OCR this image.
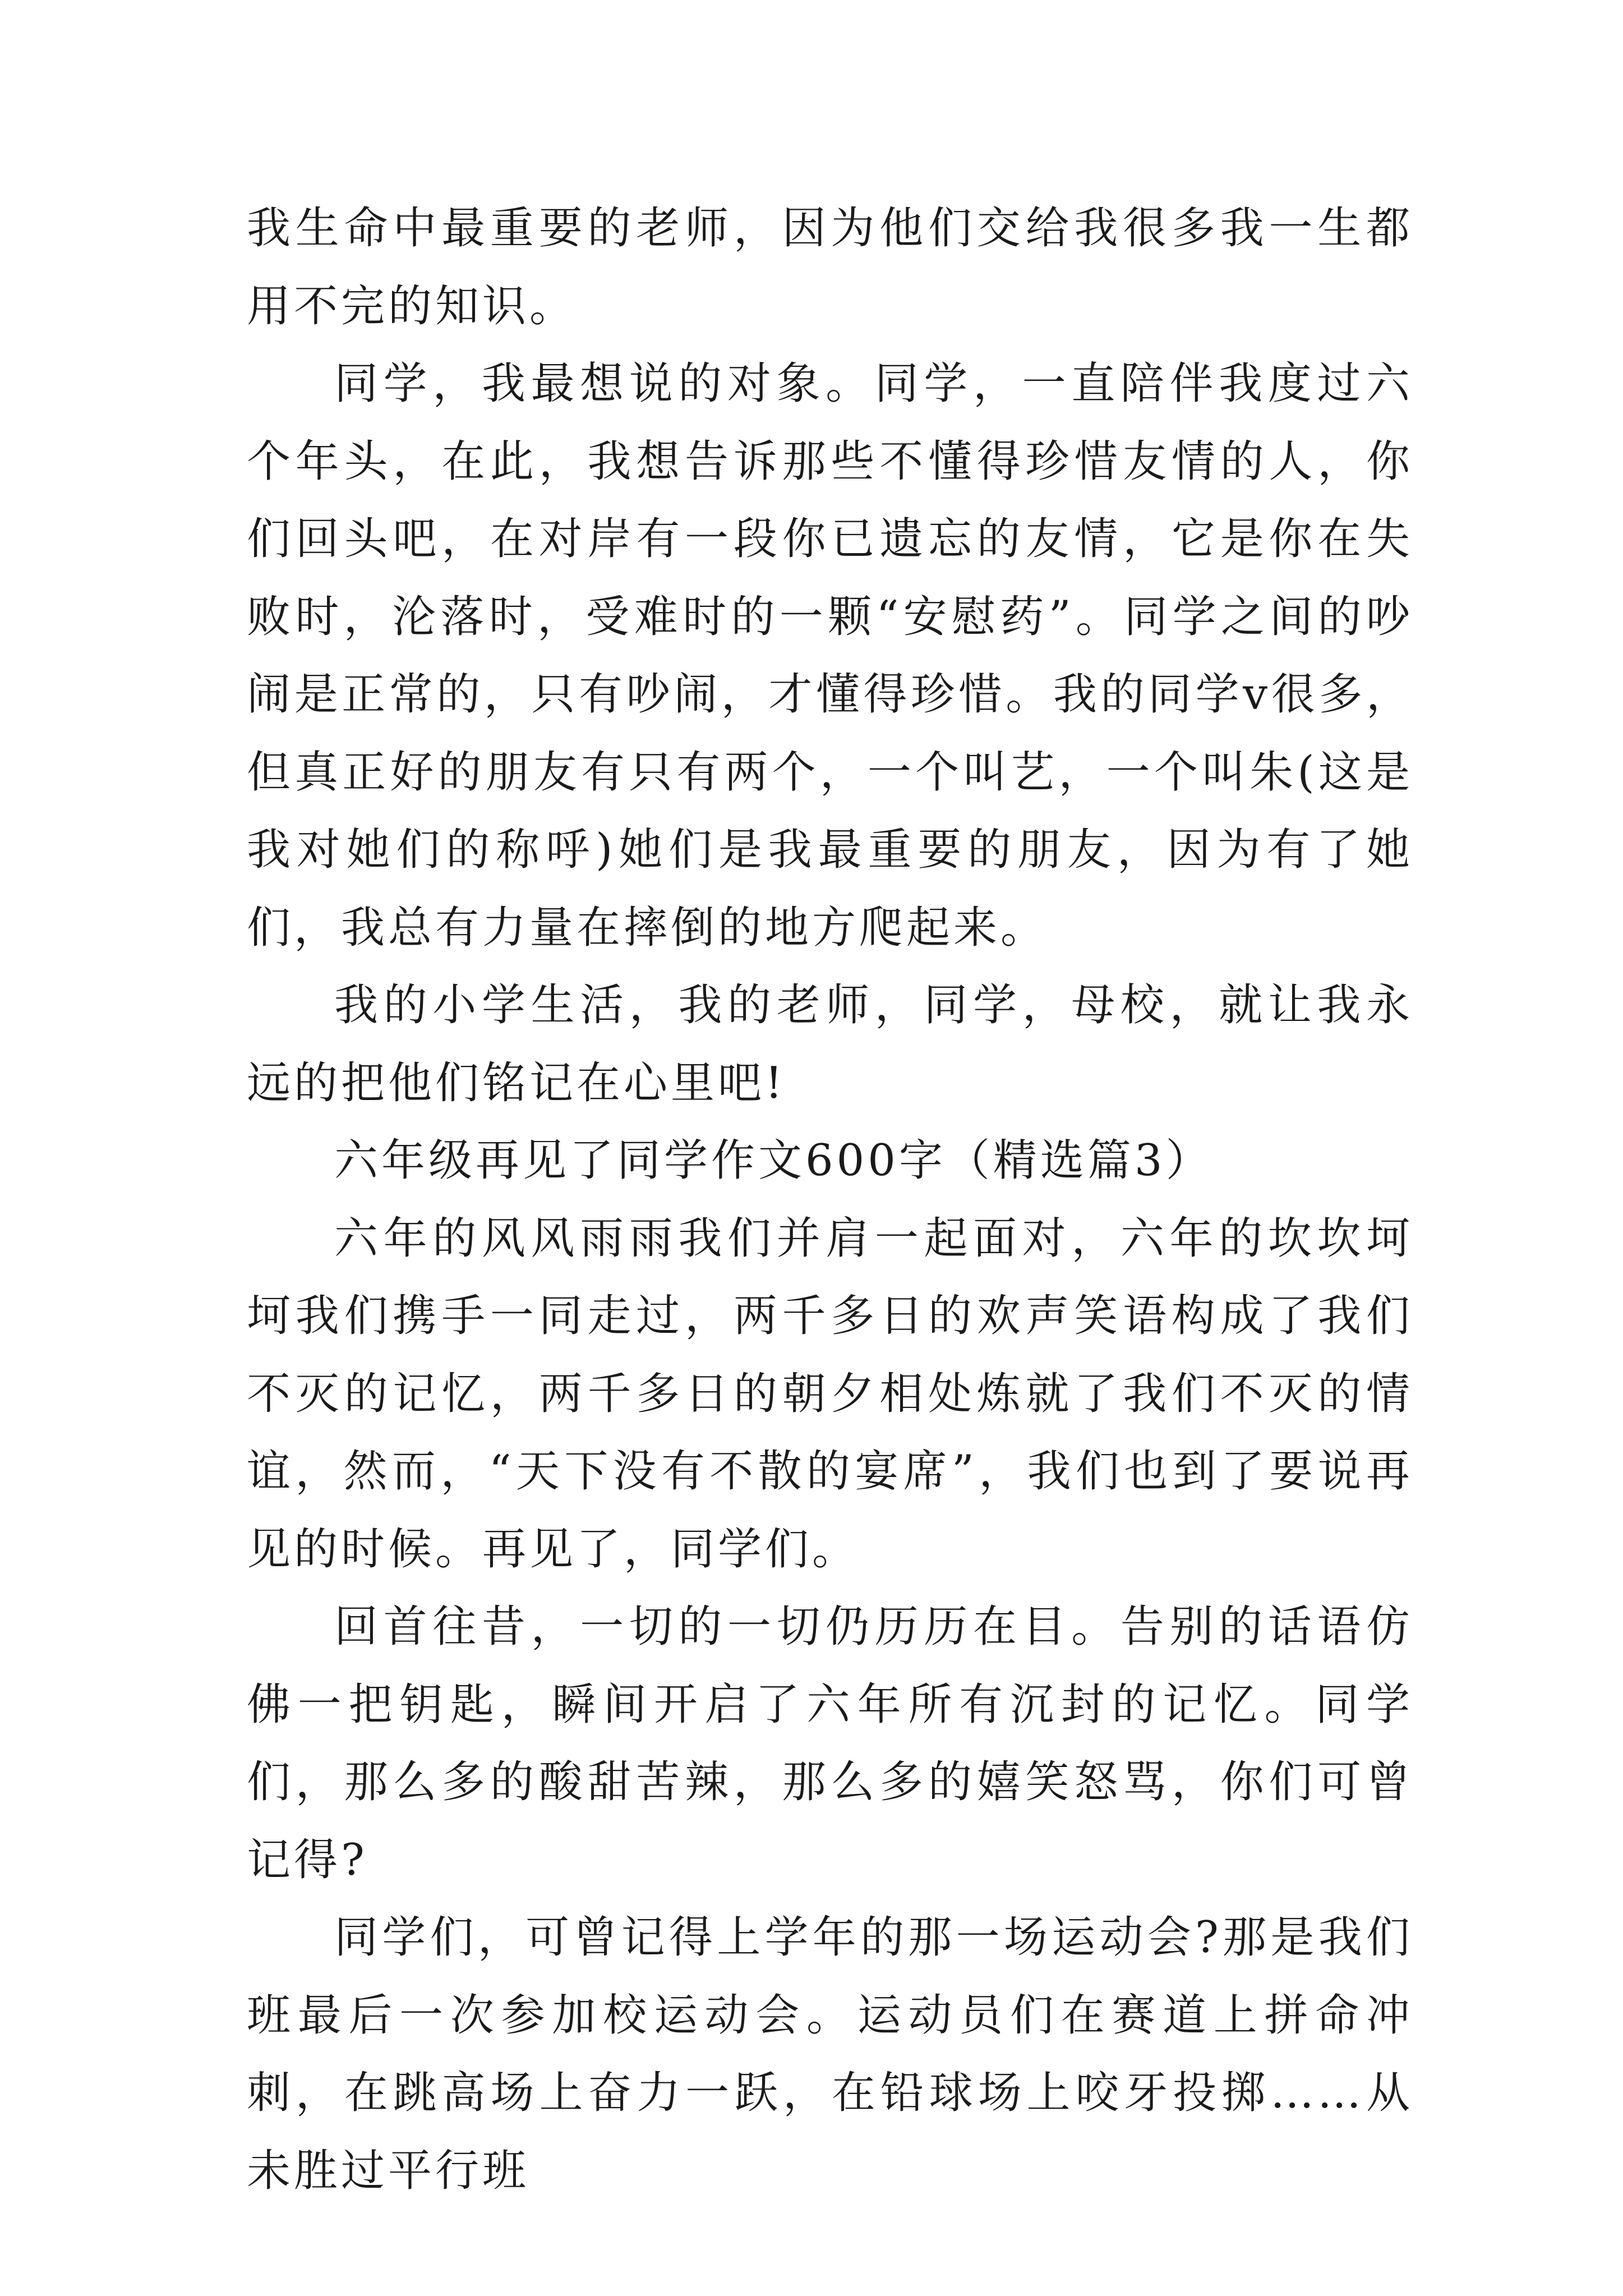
我生命中最重要的老师，因为他们交给我很多我一生都用不完的知识。

同学，我最想说的对象。同学，一直陪伴我度过六个年头，在此，我想告诉那些不懂得珍惜友情的人，你们回头吧，在对岸有一段你已遗忘的友情，它是你在失败时，沦落时，受难时的一颗“安慰药”。同学之间的吵闹是正常的，只有吵闹，才懂得珍惜。我的同学v很多，但真正好的朋友有只有两个，一个叫艺，一个叫朱(这是我对她们的称呼)她们是我最重要的朋友，因为有了她们，我总有力量在摔倒的地方爬起来。

我的小学生活，我的老师，同学，母校，就让我永远的把他们铭记在心里吧!

六年级再见了同学作文600字（精选篇3）

六年的风风雨雨我们并肩一起面对，六年的坎坎坷坷我们携手一同走过，两千多日的欢声笑语构成了我们不灭的记忆，两千多日的朝夕相处炼就了我们不灭的情谊，然而，“天下没有不散的宴席”，我们也到了要说再见的时候。再见了，同学们。

回首往昔，一切的一切仍历历在目。告别的话语仿佛一把钥匙，瞬间开启了六年所有沉封的记忆。同学们，那么多的酸甜苦辣，那么多的嬉笑怒骂，你们可曾记得?

同学们，可曾记得上学年的那一场运动会?那是我们班最后一次参加校运动会。运动员们在赛道上拼命冲刺，在跳高场上奋力一跃，在铅球场上咬牙投掷……从未胜过平行班
